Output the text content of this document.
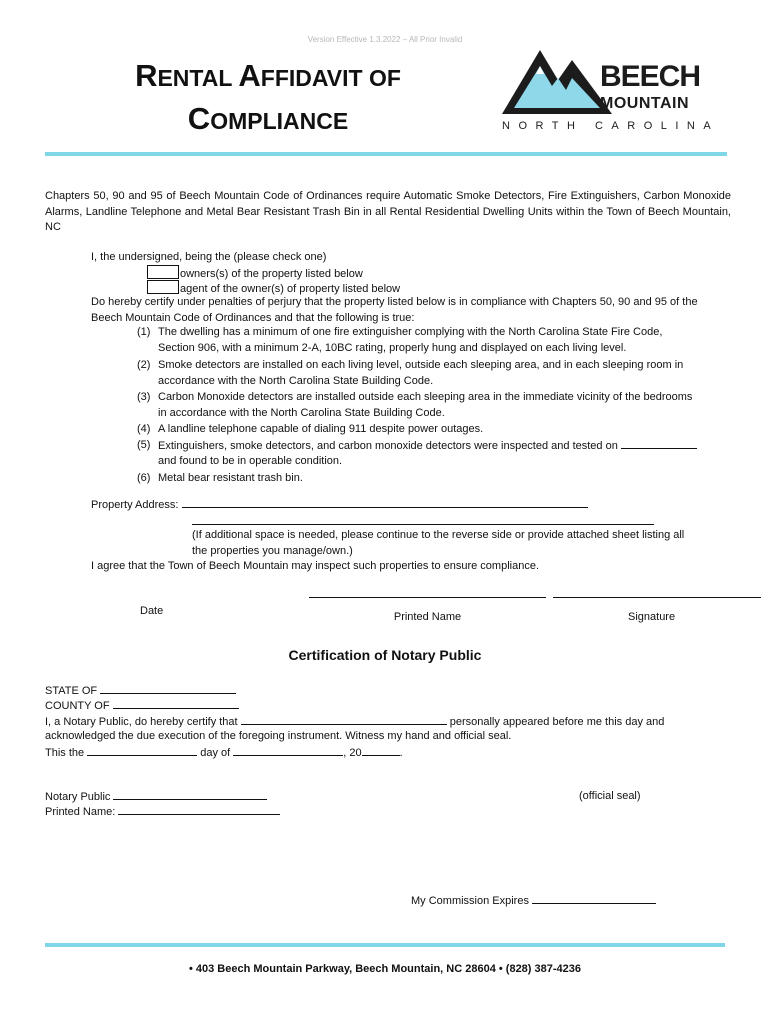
Version Effective 1.3.2022 – All Prior Invalid
RENTAL AFFIDAVIT OF
COMPLIANCE
BEECH
MOUNTAIN
NORTH CAROLINA
Chapters 50, 90 and 95 of Beech Mountain Code of Ordinances require Automatic Smoke Detectors, Fire Extinguishers, Carbon Monoxide Alarms, Landline Telephone and Metal Bear Resistant Trash Bin in all Rental Residential Dwelling Units within the Town of Beech Mountain, NC
I, the undersigned, being the (please check one)
owners(s) of the property listed below
agent of the owner(s) of property listed below
Do hereby certify under penalties of perjury that the property listed below is in compliance with Chapters 50, 90 and 95 of the Beech Mountain Code of Ordinances and that the following is true:
(1) The dwelling has a minimum of one fire extinguisher complying with the North Carolina State Fire Code,
Section 906, with a minimum 2-A, 10BC rating, properly hung and displayed on each living level.
(2) Smoke detectors are installed on each living level, outside each sleeping area, and in each sleeping room in
accordance with the North Carolina State Building Code.
(3) Carbon Monoxide detectors are installed outside each sleeping area in the immediate vicinity of the bedrooms
in accordance with the North Carolina State Building Code.
(4) A landline telephone capable of dialing 911 despite power outages.
(5) Extinguishers, smoke detectors, and carbon monoxide detectors were inspected and tested on
and found to be in operable condition.
(6) Metal bear resistant trash bin.
Property Address:
(If additional space is needed, please continue to the reverse side or provide attached sheet listing all
the properties you manage/own.)
I agree that the Town of Beech Mountain may inspect such properties to ensure compliance.
Date	Printed Name	Signature
Certification of Notary Public
STATE OF
COUNTY OF
I, a Notary Public, do hereby certify that	personally appeared before me this day and
acknowledged the due execution of the foregoing instrument. Witness my hand and official seal.
This the	day of	, 20	.
Notary Public	(official seal)
Printed Name:
My Commission Expires
• 403 Beech Mountain Parkway, Beech Mountain, NC 28604 • (828) 387-4236
